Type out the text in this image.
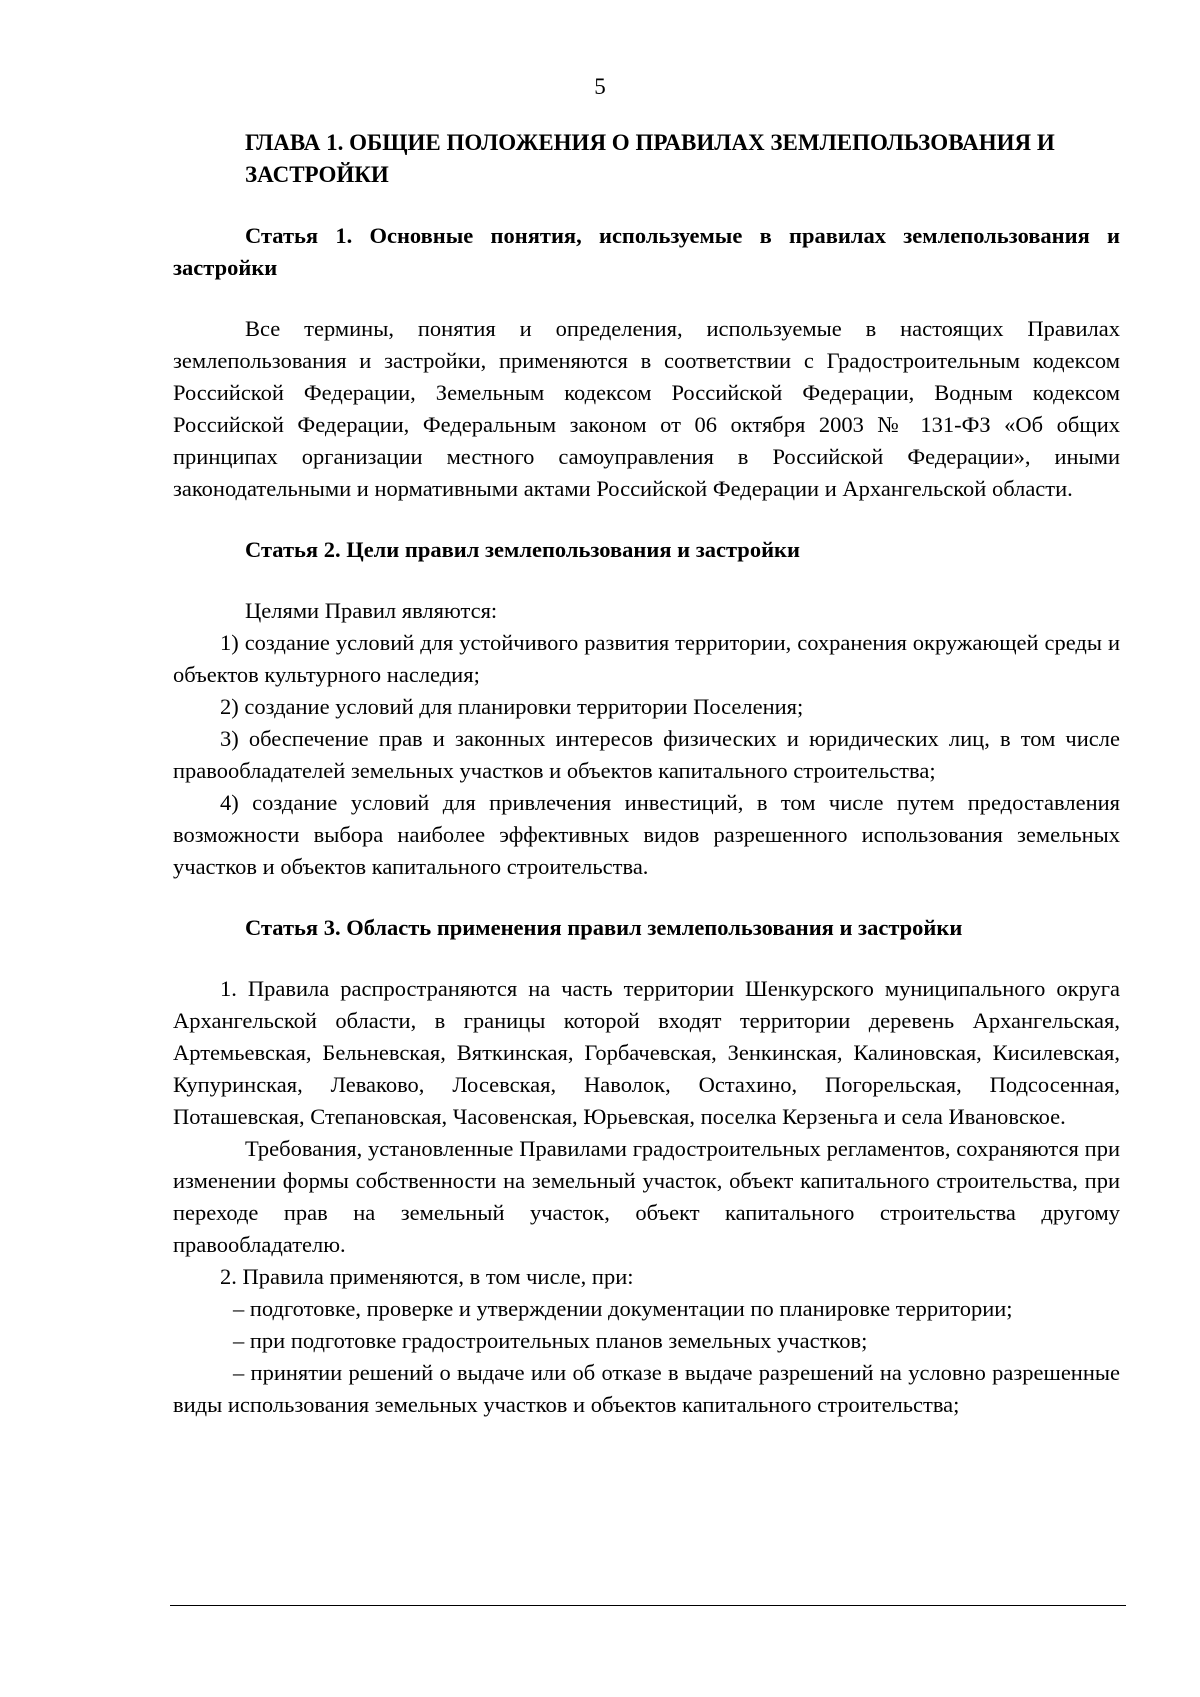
5

ГЛАВА 1. ОБЩИЕ ПОЛОЖЕНИЯ О ПРАВИЛАХ ЗЕМЛЕПОЛЬЗОВАНИЯ И ЗАСТРОЙКИ

Статья 1. Основные понятия, используемые в правилах землепользования и застройки

Все термины, понятия и определения, используемые в настоящих Правилах землепользования и застройки, применяются в соответствии с Градостроительным кодексом Российской Федерации, Земельным кодексом Российской Федерации, Водным кодексом Российской Федерации, Федеральным законом от 06 октября 2003 № 131-ФЗ «Об общих принципах организации местного самоуправления в Российской Федерации», иными законодательными и нормативными актами Российской Федерации и Архангельской области.

Статья 2. Цели правил землепользования и застройки

Целями Правил являются:

1) создание условий для устойчивого развития территории, сохранения окружающей среды и объектов культурного наследия;

2) создание условий для планировки территории Поселения;

3) обеспечение прав и законных интересов физических и юридических лиц, в том числе правообладателей земельных участков и объектов капитального строительства;

4) создание условий для привлечения инвестиций, в том числе путем предоставления возможности выбора наиболее эффективных видов разрешенного использования земельных участков и объектов капитального строительства.

Статья 3. Область применения правил землепользования и застройки

1. Правила распространяются на часть территории Шенкурского муниципального округа Архангельской области, в границы которой входят территории деревень Архангельская, Артемьевская, Бельневская, Вяткинская, Горбачевская, Зенкинская, Калиновская, Кисилевская, Купуринская, Леваково, Лосевская, Наволок, Остахино, Погорельская, Подсосенная, Поташевская, Степановская, Часовенская, Юрьевская, поселка Керзеньга и села Ивановское.

Требования, установленные Правилами градостроительных регламентов, сохраняются при изменении формы собственности на земельный участок, объект капитального строительства, при переходе прав на земельный участок, объект капитального строительства другому правообладателю.

2. Правила применяются, в том числе, при:

– подготовке, проверке и утверждении документации по планировке территории;

– при подготовке градостроительных планов земельных участков;

– принятии решений о выдаче или об отказе в выдаче разрешений на условно разрешенные виды использования земельных участков и объектов капитального строительства;
